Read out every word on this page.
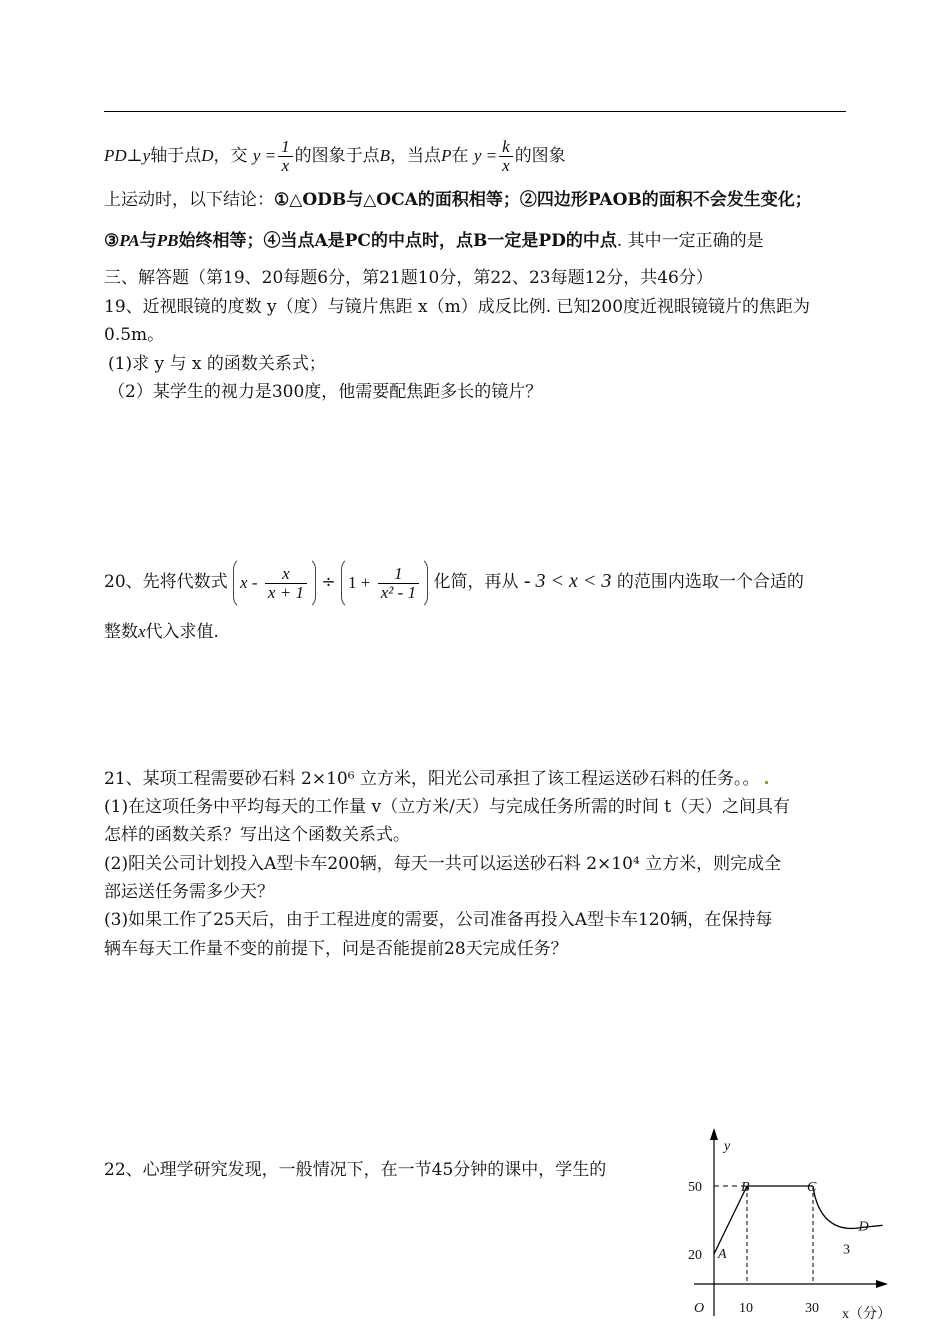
PD⊥y轴于点D，交 $y = \frac{1}{x}$ 的图象于点B，当点P在 $y = \frac{k}{x}$ 的图象
上运动时，以下结论：①△ODB与△OCA的面积相等；②四边形PAOB的面积不会发生变化；
③PA与PB始终相等；④当点A是PC的中点时，点B一定是PD的中点. 其中一定正确的是
三、解答题（第19、20每题6分，第21题10分，第22、23每题12分，共46分）
19、近视眼镜的度数 y（度）与镜片焦距 x（m）成反比例. 已知200度近视眼镜镜片的焦距为
0.5m。
(1)求 y 与 x 的函数关系式；
（2）某学生的视力是300度，他需要配焦距多长的镜片？
20、先将代数式 $x - \frac{x}{x + 1} \div 1 + \frac{1}{\text{x² - 1}}$ 化简，再从 - 3 < x < 3 的范围内选取一个合适的
整数x代入求值.
21、某项工程需要砂石料 2×10⁶ 立方米，阳光公司承担了该工程运送砂石料的任务。。
(1)在这项任务中平均每天的工作量 v（立方米/天）与完成任务所需的时间 t（天）之间具有
怎样的函数关系？写出这个函数关系式。
(2)阳关公司计划投入A型卡车200辆，每天一共可以运送砂石料 2×10⁴ 立方米，则完成全
部运送任务需多少天？
(3)如果工作了25天后，由于工程进度的需要，公司准备再投入A型卡车120辆，在保持每
辆车每天工作量不变的前提下，问是否能提前28天完成任务？
22、心理学研究发现，一般情况下，在一节45分钟的课中，学生的
y
O	x（分）
10	30
20
50
A
B	C
D
3
